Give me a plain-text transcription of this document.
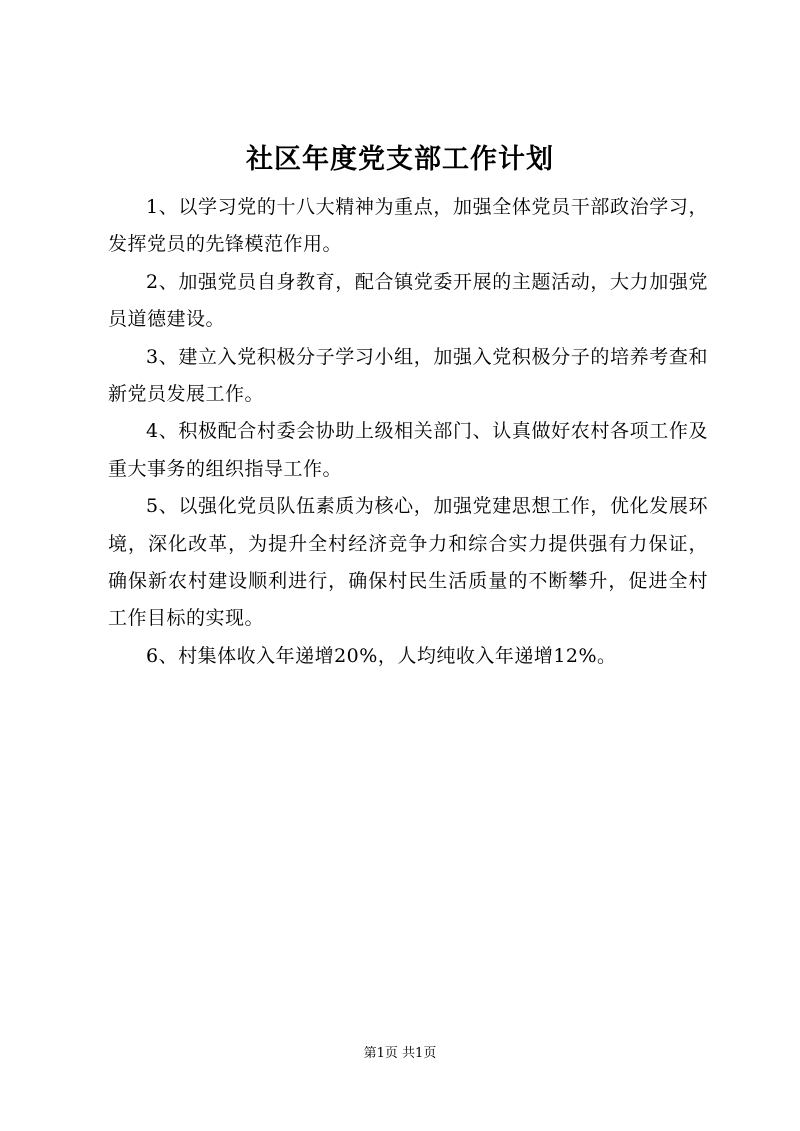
社区年度党支部工作计划

1、以学习党的十八大精神为重点，加强全体党员干部政治学习，发挥党员的先锋模范作用。

2、加强党员自身教育，配合镇党委开展的主题活动，大力加强党员道德建设。

3、建立入党积极分子学习小组，加强入党积极分子的培养考查和新党员发展工作。

4、积极配合村委会协助上级相关部门、认真做好农村各项工作及重大事务的组织指导工作。

5、以强化党员队伍素质为核心，加强党建思想工作，优化发展环境，深化改革，为提升全村经济竞争力和综合实力提供强有力保证，确保新农村建设顺利进行，确保村民生活质量的不断攀升，促进全村工作目标的实现。

6、村集体收入年递增20%，人均纯收入年递增12%。

第1页 共1页
